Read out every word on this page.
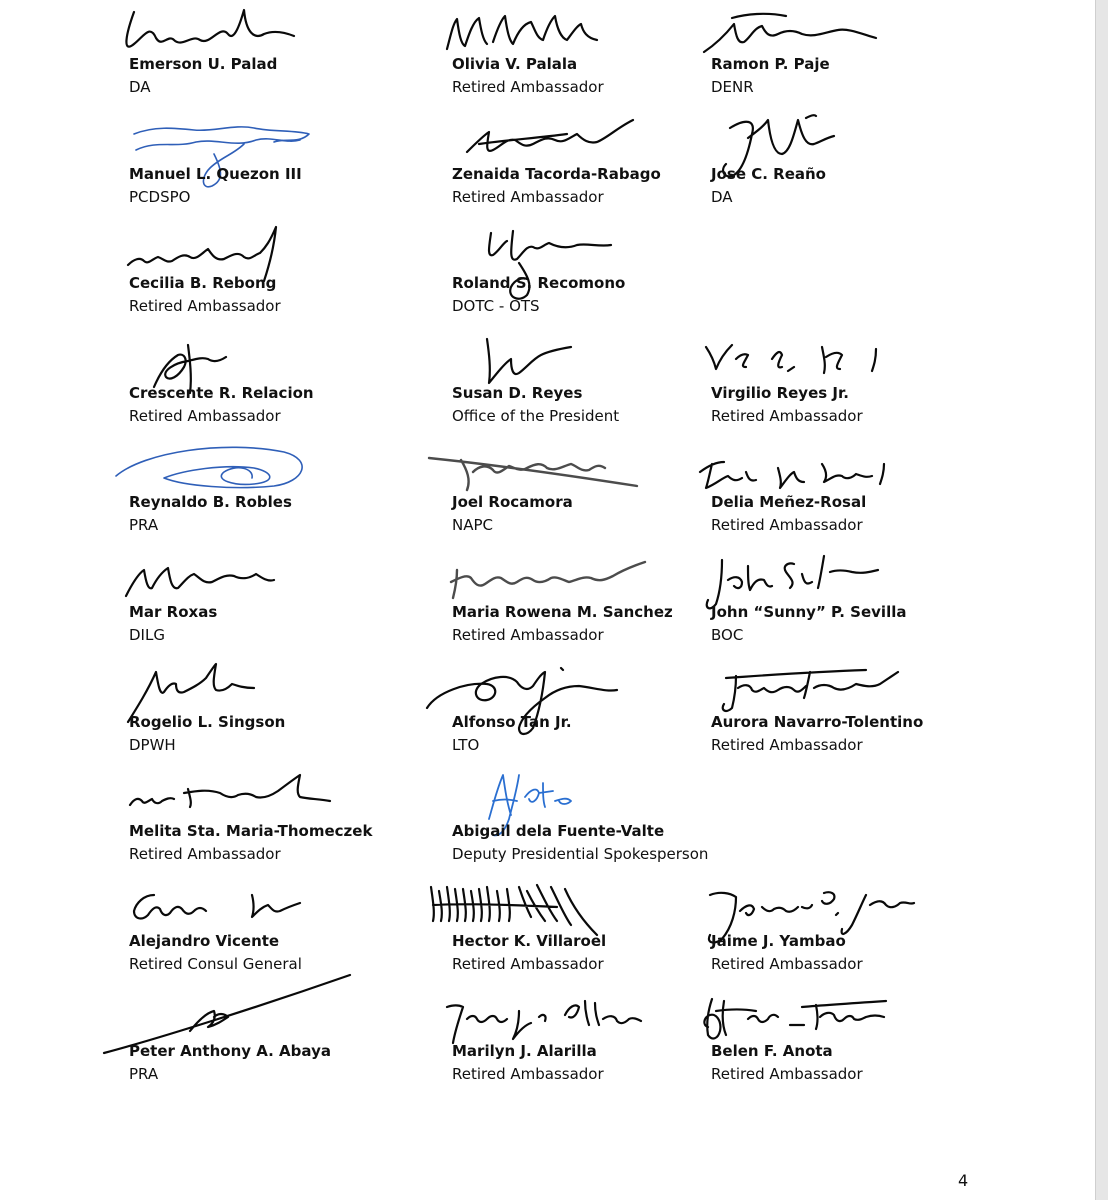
Emerson U. Palad
DA
Olivia V. Palala
Retired Ambassador
Ramon P. Paje
DENR
Manuel L. Quezon III
PCDSPO
Zenaida Tacorda-Rabago
Retired Ambassador
Jose C. Reaño
DA
Cecilia B. Rebong
Retired Ambassador
Roland S. Recomono
DOTC - OTS
Crescente R. Relacion
Retired Ambassador
Susan D. Reyes
Office of the President
Virgilio Reyes Jr.
Retired Ambassador
Reynaldo B. Robles
PRA
Joel Rocamora
NAPC
Delia Meñez-Rosal
Retired Ambassador
Mar Roxas
DILG
Maria Rowena M. Sanchez
Retired Ambassador
John “Sunny” P. Sevilla
BOC
Rogelio L. Singson
DPWH
Alfonso Tan Jr.
LTO
Aurora Navarro-Tolentino
Retired Ambassador
Melita Sta. Maria-Thomeczek
Retired Ambassador
Abigail dela Fuente-Valte
Deputy Presidential Spokesperson
Alejandro Vicente
Retired Consul General
Hector K. Villaroel
Retired Ambassador
Jaime J. Yambao
Retired Ambassador
Peter Anthony A. Abaya
PRA
Marilyn J. Alarilla
Retired Ambassador
Belen F. Anota
Retired Ambassador
4
